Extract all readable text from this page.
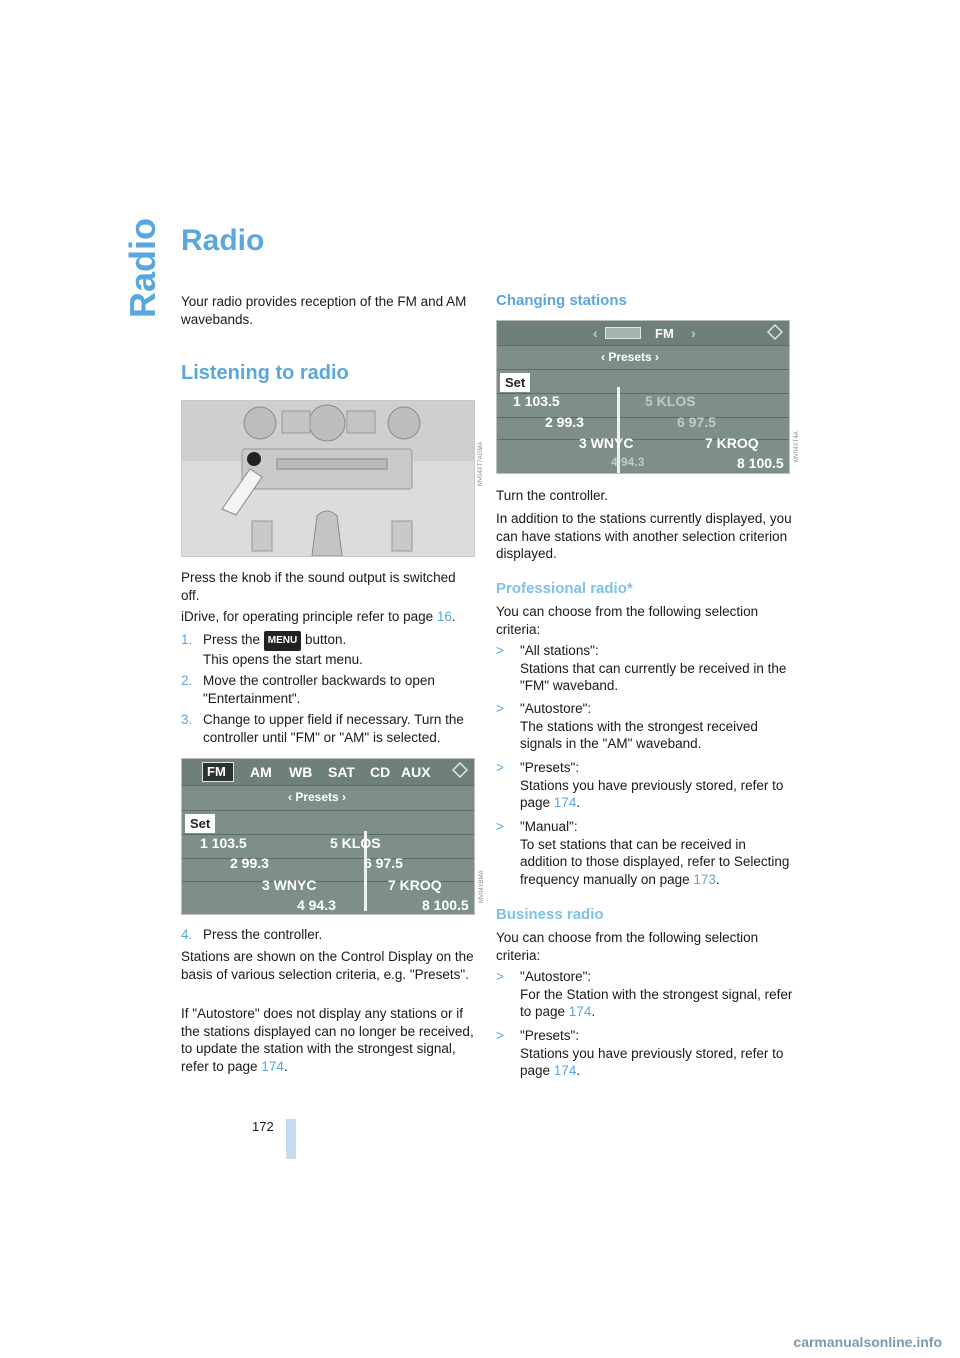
Radio Radio

Your radio provides reception of the FM and AM wavebands.

Listening to radio
MV04XT7AGMA

Press the knob if the sound output is switched off.

iDrive, for operating principle refer to page 16.

1. Press the MENU button.
This opens the start menu.
2. Move the controller backwards to open "Entertainment".
3. Change to upper field if necessary. Turn the controller until "FM" or "AM" is selected.
FM AM WB SAT CD AUX
‹ Presets ›
Set
1 103.5	5 KLOS
2 99.3	6 97.5
3 WNYC	7 KROQ
4 94.3	8 100.5
MV04XBMA
4. Press the controller.

Stations are shown on the Control Display on the basis of various selection criteria, e.g. "Presets".

If "Autostore" does not display any stations or if the stations displayed can no longer be received, to update the station with the strongest signal, refer to page 174.

Changing stations
‹	FM ›
‹ Presets ›
Set
1 103.5	5 KLOS
2 99.3	6 97.5
3 WNYC	7 KROQ
4 94.3	8 100.5
MV04XT4A

Turn the controller.

In addition to the stations currently displayed, you can have stations with another selection criterion displayed.

Professional radio*

You can choose from the following selection criteria:

>	"All stations":
Stations that can currently be received in the "FM" waveband.
>	"Autostore":
The stations with the strongest received signals in the "AM" waveband.
>	"Presets":
Stations you have previously stored, refer to page 174.
>	"Manual":
To set stations that can be received in addition to those displayed, refer to Selecting frequency manually on page 173.
Business radio

You can choose from the following selection criteria:

>	"Autostore":
For the Station with the strongest signal, refer to page 174.
>	"Presets":
Stations you have previously stored, refer to page 174.
172
carmanualsonline.info
